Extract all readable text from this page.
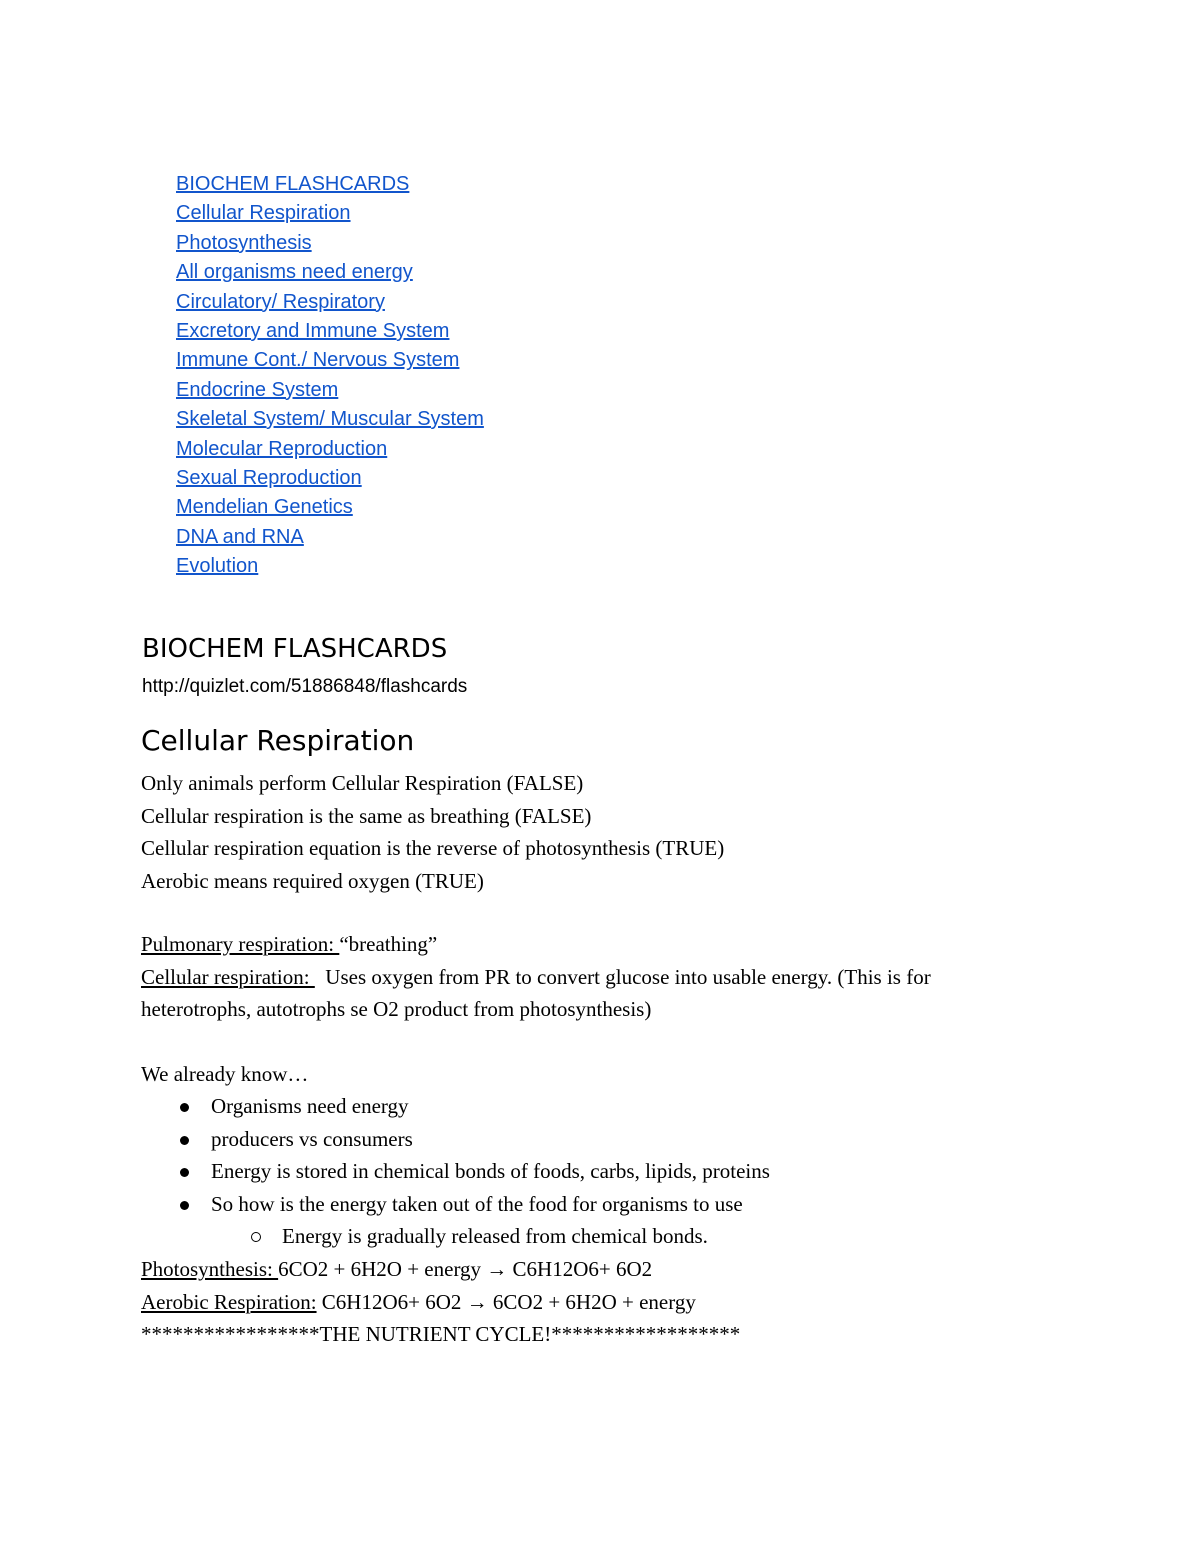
BIOCHEM FLASHCARDS
Cellular Respiration
Photosynthesis
All organisms need energy
Circulatory/ Respiratory
Excretory and Immune System
Immune Cont./ Nervous System
Endocrine System
Skeletal System/ Muscular System
Molecular Reproduction
Sexual Reproduction
Mendelian Genetics
DNA and RNA
Evolution
BIOCHEM FLASHCARDS
http://quizlet.com/51886848/flashcards
Cellular Respiration
Only animals perform Cellular Respiration (FALSE)
Cellular respiration is the same as breathing (FALSE)
Cellular respiration equation is the reverse of photosynthesis (TRUE)
Aerobic means required oxygen (TRUE)
Pulmonary respiration: “breathing”
Cellular respiration:   Uses oxygen from PR to convert glucose into usable energy. (This is for
heterotrophs, autotrophs se O2 product from photosynthesis)
We already know…
Organisms need energy
producers vs consumers
Energy is stored in chemical bonds of foods, carbs, lipids, proteins
So how is the energy taken out of the food for organisms to use
Energy is gradually released from chemical bonds.
Photosynthesis: 6CO2 + 6H2O + energy → C6H12O6+ 6O2
Aerobic Respiration: C6H12O6+ 6O2 → 6CO2 + 6H2O + energy
*****************THE NUTRIENT CYCLE!******************
